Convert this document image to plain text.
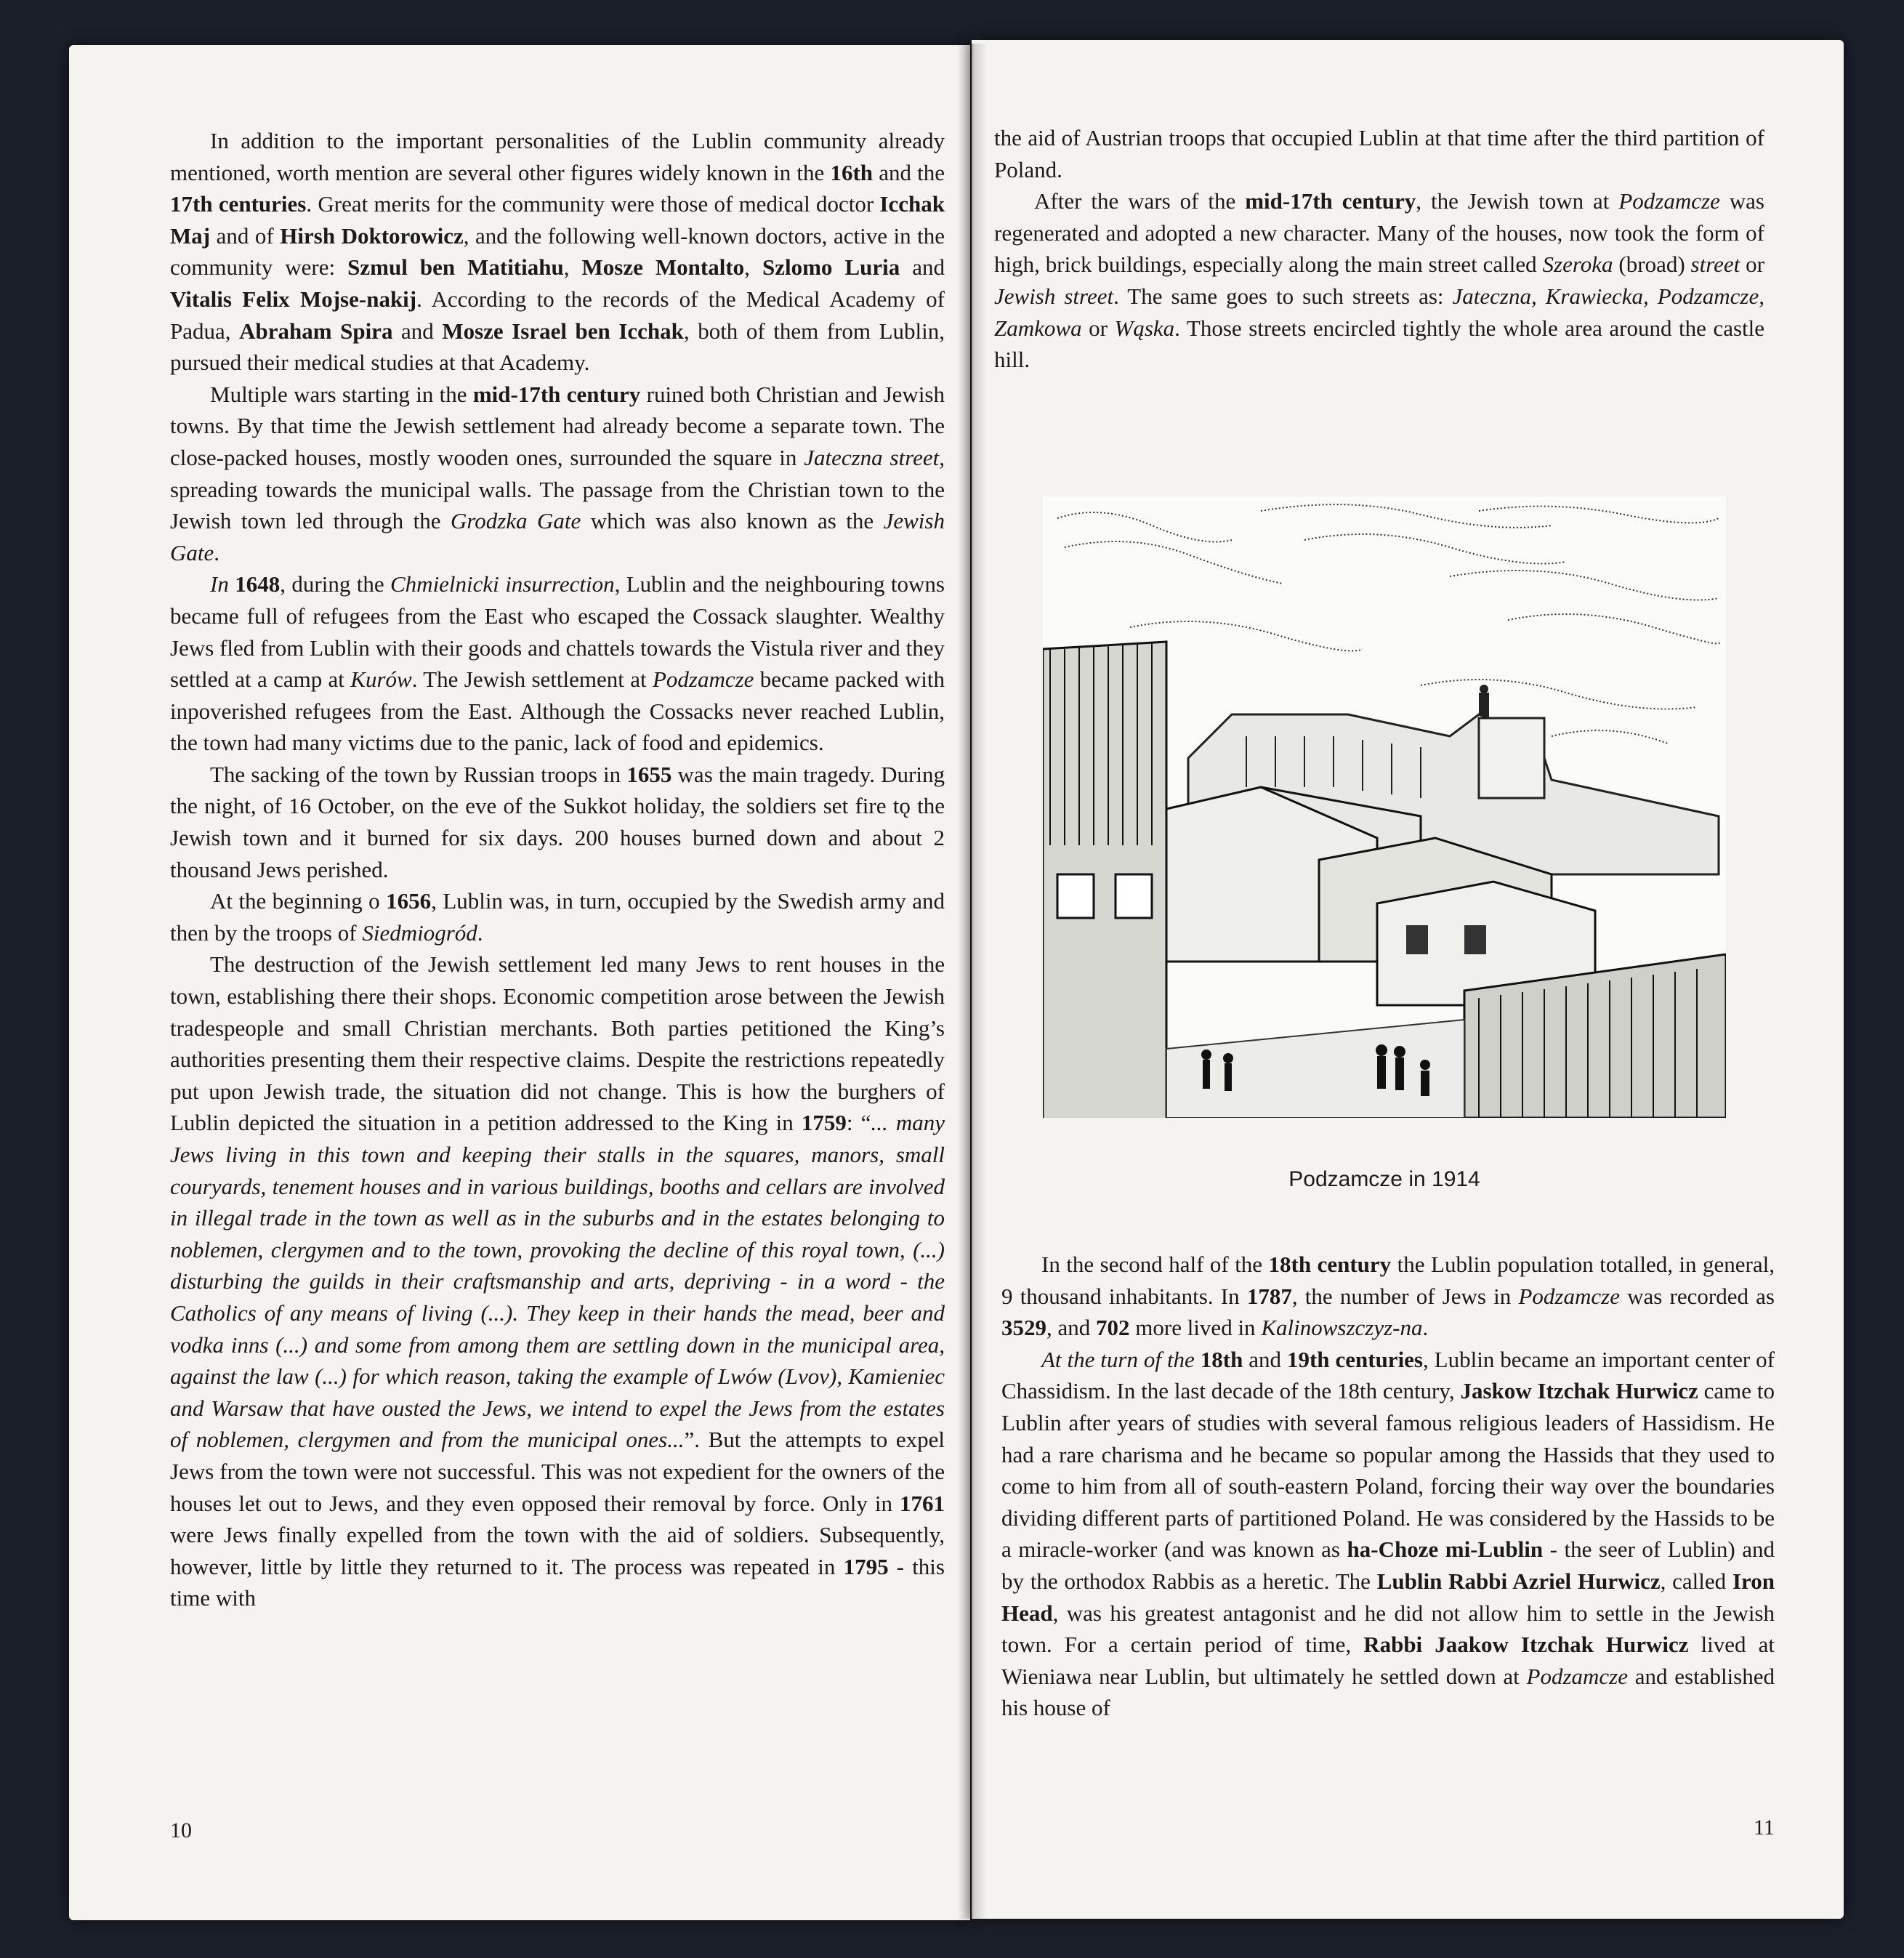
In addition to the important personalities of the Lublin community already mentioned, worth mention are several other figures widely known in the 16th and the 17th centuries. Great merits for the community were those of medical doctor Icchak Maj and of Hirsh Doktorowicz, and the following well-known doctors, active in the community were: Szmul ben Matitiahu, Mosze Montalto, Szlomo Luria and Vitalis Felix Mojse-nakij. According to the records of the Medical Academy of Padua, Abraham Spira and Mosze Israel ben Icchak, both of them from Lublin, pursued their medical studies at that Academy.

Multiple wars starting in the mid-17th century ruined both Christian and Jewish towns. By that time the Jewish settlement had already become a separate town. The close-packed houses, mostly wooden ones, surrounded the square in Jateczna street, spreading towards the municipal walls. The passage from the Christian town to the Jewish town led through the Grodzka Gate which was also known as the Jewish Gate.

In 1648, during the Chmielnicki insurrection, Lublin and the neighbouring towns became full of refugees from the East who escaped the Cossack slaughter. Wealthy Jews fled from Lublin with their goods and chattels towards the Vistula river and they settled at a camp at Kurów. The Jewish settlement at Podzamcze became packed with inpoverished refugees from the East. Although the Cossacks never reached Lublin, the town had many victims due to the panic, lack of food and epidemics.

The sacking of the town by Russian troops in 1655 was the main tragedy. During the night, of 16 October, on the eve of the Sukkot holiday, the soldiers set fire tǫ the Jewish town and it burned for six days. 200 houses burned down and about 2 thousand Jews perished.

At the beginning o 1656, Lublin was, in turn, occupied by the Swedish army and then by the troops of Siedmiogród.

The destruction of the Jewish settlement led many Jews to rent houses in the town, establishing there their shops. Economic competition arose between the Jewish tradespeople and small Christian merchants. Both parties petitioned the King’s authorities presenting them their respective claims. Despite the restrictions repeatedly put upon Jewish trade, the situation did not change. This is how the burghers of Lublin depicted the situation in a petition addressed to the King in 1759: “... many Jews living in this town and keeping their stalls in the squares, manors, small couryards, tenement houses and in various buildings, booths and cellars are involved in illegal trade in the town as well as in the suburbs and in the estates belonging to noblemen, clergymen and to the town, provoking the decline of this royal town, (...) disturbing the guilds in their craftsmanship and arts, depriving - in a word - the Catholics of any means of living (...). They keep in their hands the mead, beer and vodka inns (...) and some from among them are settling down in the municipal area, against the law (...) for which reason, taking the example of Lwów (Lvov), Kamieniec and Warsaw that have ousted the Jews, we intend to expel the Jews from the estates of noblemen, clergymen and from the municipal ones...”. But the attempts to expel Jews from the town were not successful. This was not expedient for the owners of the houses let out to Jews, and they even opposed their removal by force. Only in 1761 were Jews finally expelled from the town with the aid of soldiers. Subsequently, however, little by little they returned to it. The process was repeated in 1795 - this time with

10

the aid of Austrian troops that occupied Lublin at that time after the third partition of Poland.

After the wars of the mid-17th century, the Jewish town at Podzamcze was regenerated and adopted a new character. Many of the houses, now took the form of high, brick buildings, especially along the main street called Szeroka (broad) street or Jewish street. The same goes to such streets as: Jateczna, Krawiecka, Podzamcze, Zamkowa or Wąska. Those streets encircled tightly the whole area around the castle hill.

Podzamcze in 1914

In the second half of the 18th century the Lublin population totalled, in general, 9 thousand inhabitants. In 1787, the number of Jews in Podzamcze was recorded as 3529, and 702 more lived in Kalinowszczyz-na.

At the turn of the 18th and 19th centuries, Lublin became an important center of Chassidism. In the last decade of the 18th century, Jaskow Itzchak Hurwicz came to Lublin after years of studies with several famous religious leaders of Hassidism. He had a rare charisma and he became so popular among the Hassids that they used to come to him from all of south-eastern Poland, forcing their way over the boundaries dividing different parts of partitioned Poland. He was considered by the Hassids to be a miracle-worker (and was known as ha-Choze mi-Lublin - the seer of Lublin) and by the orthodox Rabbis as a heretic. The Lublin Rabbi Azriel Hurwicz, called Iron Head, was his greatest antagonist and he did not allow him to settle in the Jewish town. For a certain period of time, Rabbi Jaakow Itzchak Hurwicz lived at Wieniawa near Lublin, but ultimately he settled down at Podzamcze and established his house of

11
